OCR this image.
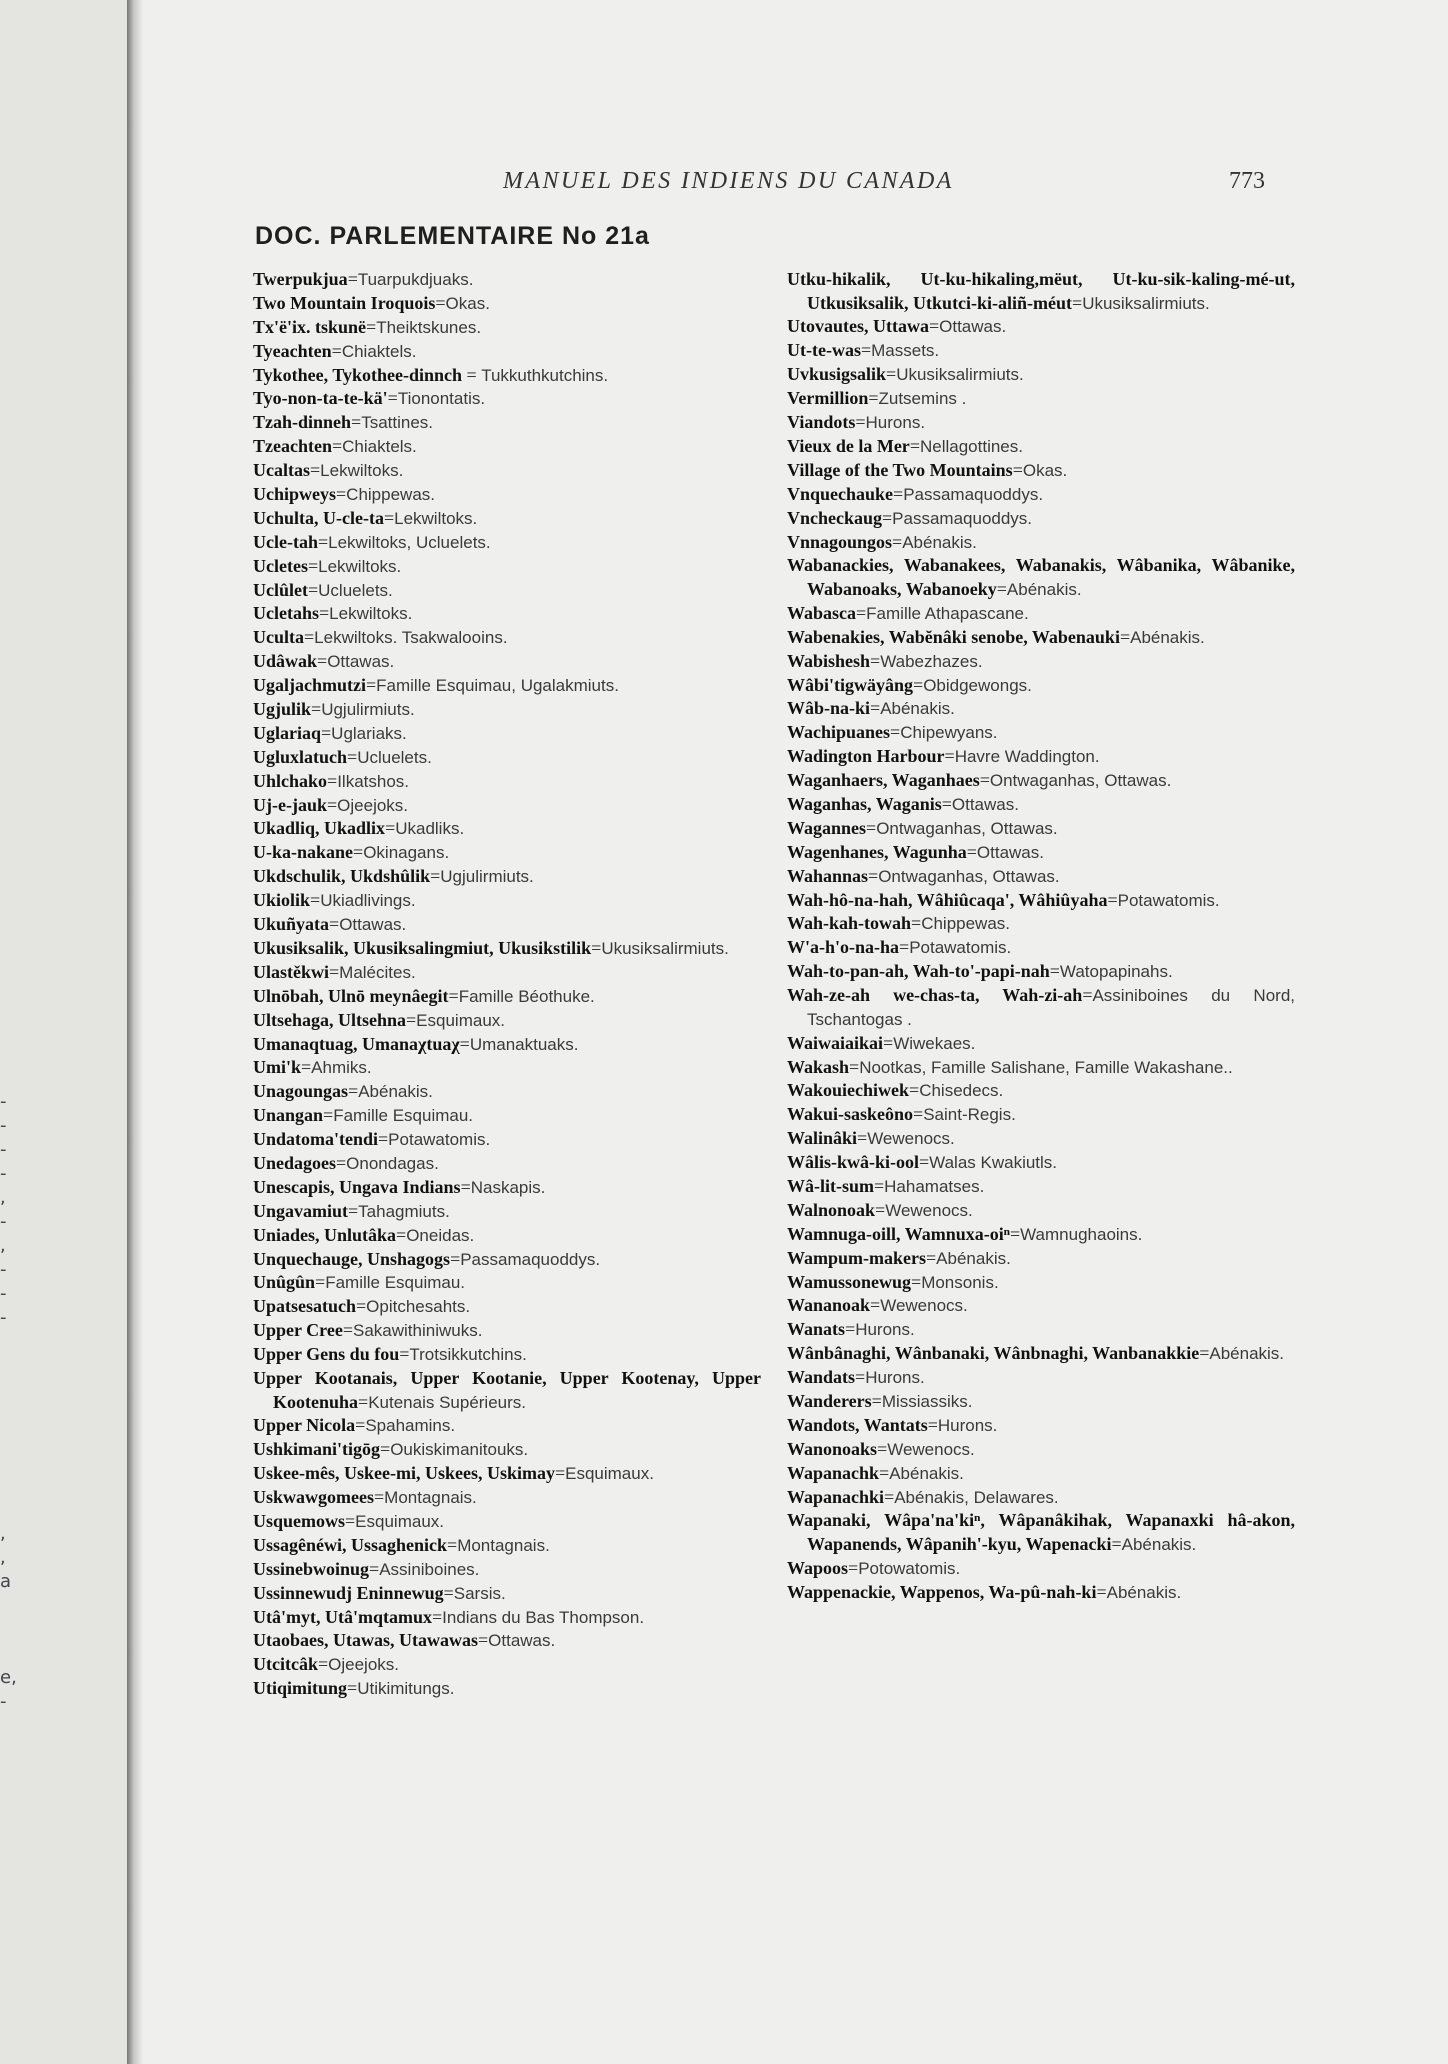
-
-
-
-
,
-
,
-
-
-
,
,
a
e,
-
MANUEL DES INDIENS DU CANADA	773
DOC. PARLEMENTAIRE No 21a

Twerpukjua=Tuarpukdjuaks.

Two Mountain Iroquois=Okas.

Tx'ë'ix. tskunë=Theiktskunes.

Tyeachten=Chiaktels.

Tykothee, Tykothee-dinnch = Tukkuthkutchins.

Tyo-non-ta-te-kä'=Tionontatis.

Tzah-dinneh=Tsattines.

Tzeachten=Chiaktels.

Ucaltas=Lekwiltoks.

Uchipweys=Chippewas.

Uchulta, U-cle-ta=Lekwiltoks.

Ucle-tah=Lekwiltoks, Ucluelets.

Ucletes=Lekwiltoks.

Uclûlet=Ucluelets.

Ucletahs=Lekwiltoks.

Uculta=Lekwiltoks. Tsakwalooins.

Udâwak=Ottawas.

Ugaljachmutzi=Famille Esquimau, Ugalakmiuts.

Ugjulik=Ugjulirmiuts.

Uglariaq=Uglariaks.

Ugluxlatuch=Ucluelets.

Uhlchako=Ilkatshos.

Uj-e-jauk=Ojeejoks.

Ukadliq, Ukadlix=Ukadliks.

U-ka-nakane=Okinagans.

Ukdschulik, Ukdshûlik=Ugjulirmiuts.

Ukiolik=Ukiadlivings.

Ukuñyata=Ottawas.

Ukusiksalik, Ukusiksalingmiut, Ukusikstilik=Ukusiksalirmiuts.

Ulastěkwi=Malécites.

Ulnōbah, Ulnō meynâegit=Famille Béothuke.

Ultsehaga, Ultsehna=Esquimaux.

Umanaqtuag, Umanaχtuaχ=Umanaktuaks.

Umi'k=Ahmiks.

Unagoungas=Abénakis.

Unangan=Famille Esquimau.

Undatoma'tendi=Potawatomis.

Unedagoes=Onondagas.

Unescapis, Ungava Indians=Naskapis.

Ungavamiut=Tahagmiuts.

Uniades, Unlutâka=Oneidas.

Unquechauge, Unshagogs=Passamaquoddys.

Unûgûn=Famille Esquimau.

Upatsesatuch=Opitchesahts.

Upper Cree=Sakawithiniwuks.

Upper Gens du fou=Trotsikkutchins.

Upper Kootanais, Upper Kootanie, Upper Kootenay, Upper Kootenuha=Kutenais Supérieurs.

Upper Nicola=Spahamins.

Ushkimani'tigōg=Oukiskimanitouks.

Uskee-mês, Uskee-mi, Uskees, Uskimay=Esquimaux.

Uskwawgomees=Montagnais.

Usquemows=Esquimaux.

Ussagênéwi, Ussaghenick=Montagnais.

Ussinebwoinug=Assiniboines.

Ussinnewudj Eninnewug=Sarsis.

Utâ'myt, Utâ'mqtamux=Indians du Bas Thompson.

Utaobaes, Utawas, Utawawas=Ottawas.

Utcitcâk=Ojeejoks.

Utiqimitung=Utikimitungs.

Utku-hikalik, Ut-ku-hikaling,mëut, Ut-ku-sik-kaling-mé-ut, Utkusiksalik, Utkutci-ki-aliñ-méut=Ukusiksalirmiuts.

Utovautes, Uttawa=Ottawas.

Ut-te-was=Massets.

Uvkusigsalik=Ukusiksalirmiuts.

Vermillion=Zutsemins .

Viandots=Hurons.

Vieux de la Mer=Nellagottines.

Village of the Two Mountains=Okas.

Vnquechauke=Passamaquoddys.

Vncheckaug=Passamaquoddys.

Vnnagoungos=Abénakis.

Wabanackies, Wabanakees, Wabanakis, Wâbanika, Wâbanike, Wabanoaks, Wabanoeky=Abénakis.

Wabasca=Famille Athapascane.

Wabenakies, Wabĕnâki senobe, Wabenauki=Abénakis.

Wabishesh=Wabezhazes.

Wâbi'tigwäyâng=Obidgewongs.

Wâb-na-ki=Abénakis.

Wachipuanes=Chipewyans.

Wadington Harbour=Havre Waddington.

Waganhaers, Waganhaes=Ontwaganhas, Ottawas.

Waganhas, Waganis=Ottawas.

Wagannes=Ontwaganhas, Ottawas.

Wagenhanes, Wagunha=Ottawas.

Wahannas=Ontwaganhas, Ottawas.

Wah-hô-na-hah, Wâhiûcaqa', Wâhiûyaha=Potawatomis.

Wah-kah-towah=Chippewas.

W'a-h'o-na-ha=Potawatomis.

Wah-to-pan-ah, Wah-to'-papi-nah=Watopapinahs.

Wah-ze-ah we-chas-ta, Wah-zi-ah=Assiniboines du Nord, Tschantogas .

Waiwaiaikai=Wiwekaes.

Wakash=Nootkas, Famille Salishane, Famille Wakashane..

Wakouiechiwek=Chisedecs.

Wakui-saskeôno=Saint-Regis.

Walinâki=Wewenocs.

Wâlis-kwâ-ki-ool=Walas Kwakiutls.

Wâ-lit-sum=Hahamatses.

Walnonoak=Wewenocs.

Wamnuga-oill, Wamnuxa-oiⁿ=Wamnughaoins.

Wampum-makers=Abénakis.

Wamussonewug=Monsonis.

Wananoak=Wewenocs.

Wanats=Hurons.

Wânbânaghi, Wânbanaki, Wânbnaghi, Wanbanakkie=Abénakis.

Wandats=Hurons.

Wanderers=Missiassiks.

Wandots, Wantats=Hurons.

Wanonoaks=Wewenocs.

Wapanachk=Abénakis.

Wapanachki=Abénakis, Delawares.

Wapanaki, Wâpa'na'kiⁿ, Wâpanâkihak, Wapanaxki hâ-akon, Wapanends, Wâpanih'-kyu, Wapenacki=Abénakis.

Wapoos=Potowatomis.

Wappenackie, Wappenos, Wa-pû-nah-ki=Abénakis.
